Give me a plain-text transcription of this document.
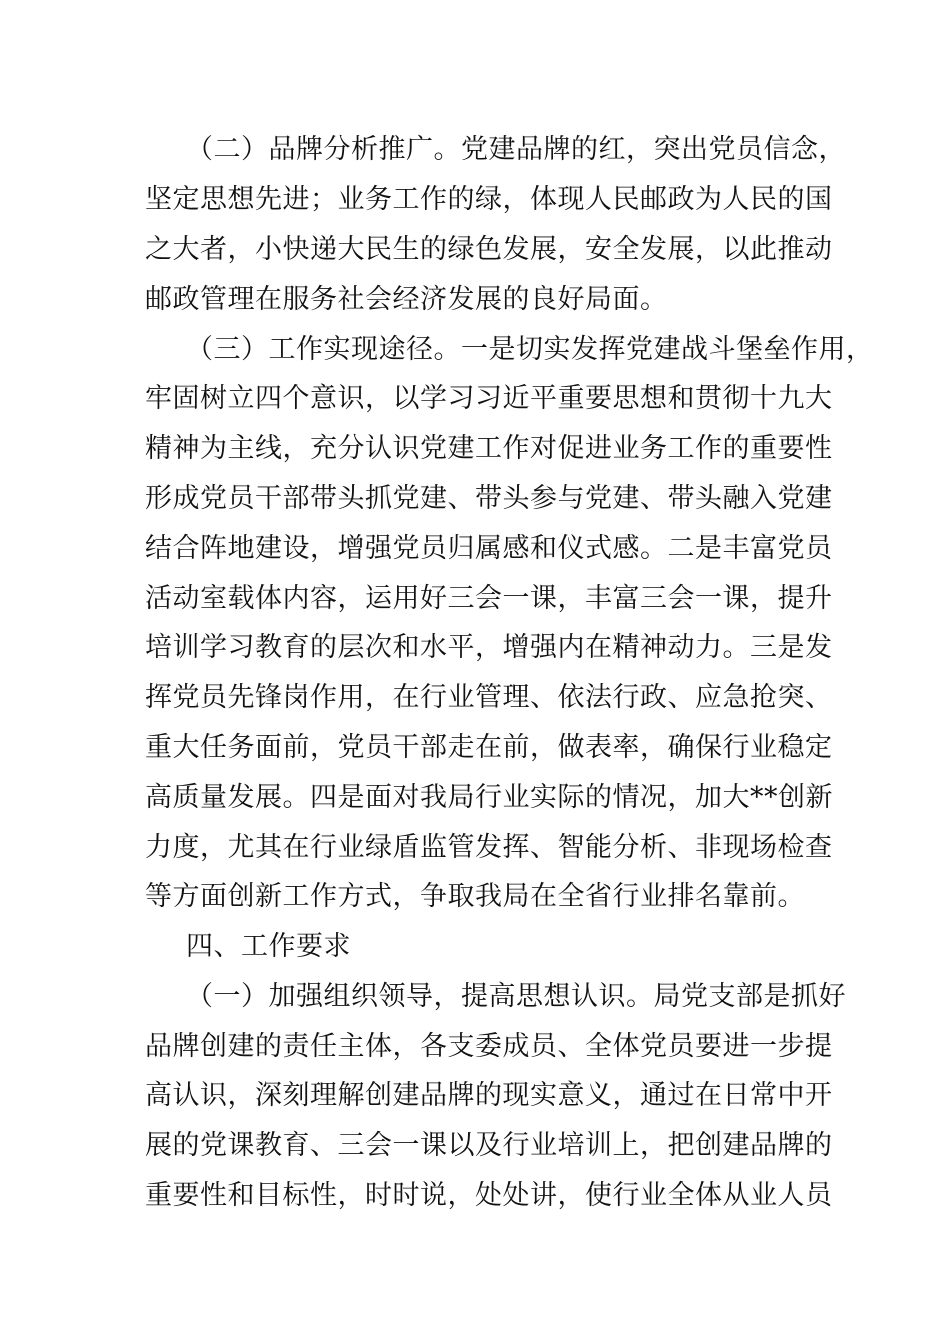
（二）品牌分析推广。党建品牌的红，突出党员信念，
坚定思想先进；业务工作的绿，体现人民邮政为人民的国
之大者，小快递大民生的绿色发展，安全发展，以此推动
邮政管理在服务社会经济发展的良好局面。
（三）工作实现途径。一是切实发挥党建战斗堡垒作用，
牢固树立四个意识，以学习习近平重要思想和贯彻十九大
精神为主线，充分认识党建工作对促进业务工作的重要性
形成党员干部带头抓党建、带头参与党建、带头融入党建
结合阵地建设，增强党员归属感和仪式感。二是丰富党员
活动室载体内容，运用好三会一课，丰富三会一课，提升
培训学习教育的层次和水平，增强内在精神动力。三是发
挥党员先锋岗作用，在行业管理、依法行政、应急抢突、
重大任务面前，党员干部走在前，做表率，确保行业稳定
高质量发展。四是面对我局行业实际的情况，加大**创新
力度，尤其在行业绿盾监管发挥、智能分析、非现场检查
等方面创新工作方式，争取我局在全省行业排名靠前。
四、工作要求
（一）加强组织领导，提高思想认识。局党支部是抓好
品牌创建的责任主体，各支委成员、全体党员要进一步提
高认识，深刻理解创建品牌的现实意义，通过在日常中开
展的党课教育、三会一课以及行业培训上，把创建品牌的
重要性和目标性，时时说，处处讲，使行业全体从业人员
